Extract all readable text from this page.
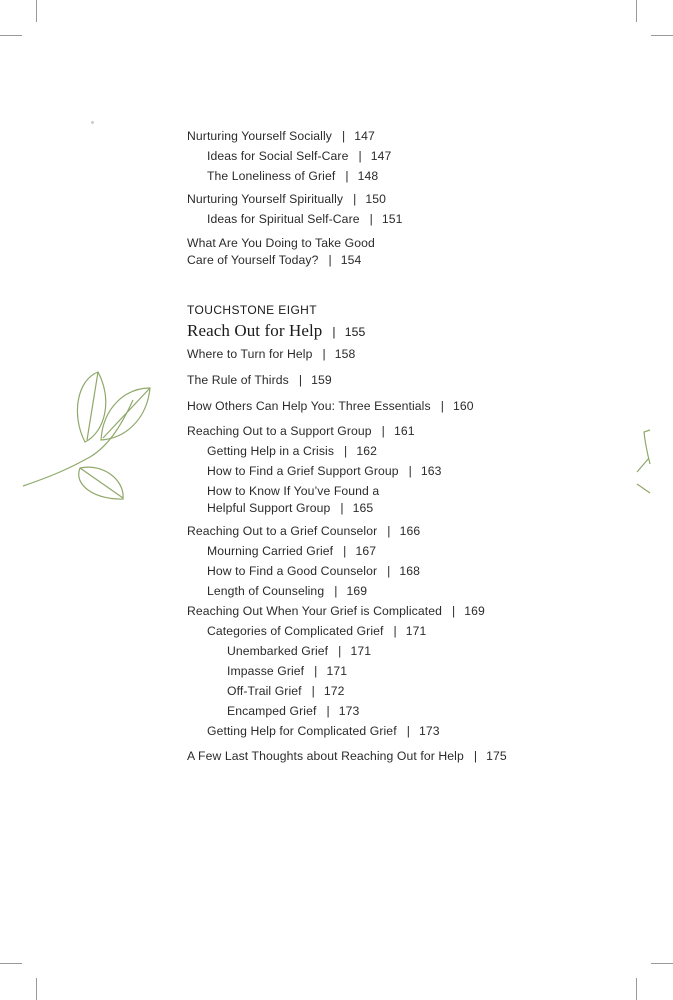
Nurturing Yourself Socially | 147
Ideas for Social Self-Care | 147
The Loneliness of Grief | 148
Nurturing Yourself Spiritually | 150
Ideas for Spiritual Self-Care | 151
What Are You Doing to Take Good
Care of Yourself Today? | 154
TOUCHSTONE EIGHT
Reach Out for Help | 155
Where to Turn for Help | 158
The Rule of Thirds | 159
How Others Can Help You: Three Essentials | 160
Reaching Out to a Support Group | 161
Getting Help in a Crisis | 162
How to Find a Grief Support Group | 163
How to Know If You’ve Found a
Helpful Support Group | 165
Reaching Out to a Grief Counselor | 166
Mourning Carried Grief | 167
How to Find a Good Counselor | 168
Length of Counseling | 169
Reaching Out When Your Grief is Complicated | 169
Categories of Complicated Grief | 171
Unembarked Grief | 171
Impasse Grief | 171
Off-Trail Grief | 172
Encamped Grief | 173
Getting Help for Complicated Grief | 173
A Few Last Thoughts about Reaching Out for Help | 175
